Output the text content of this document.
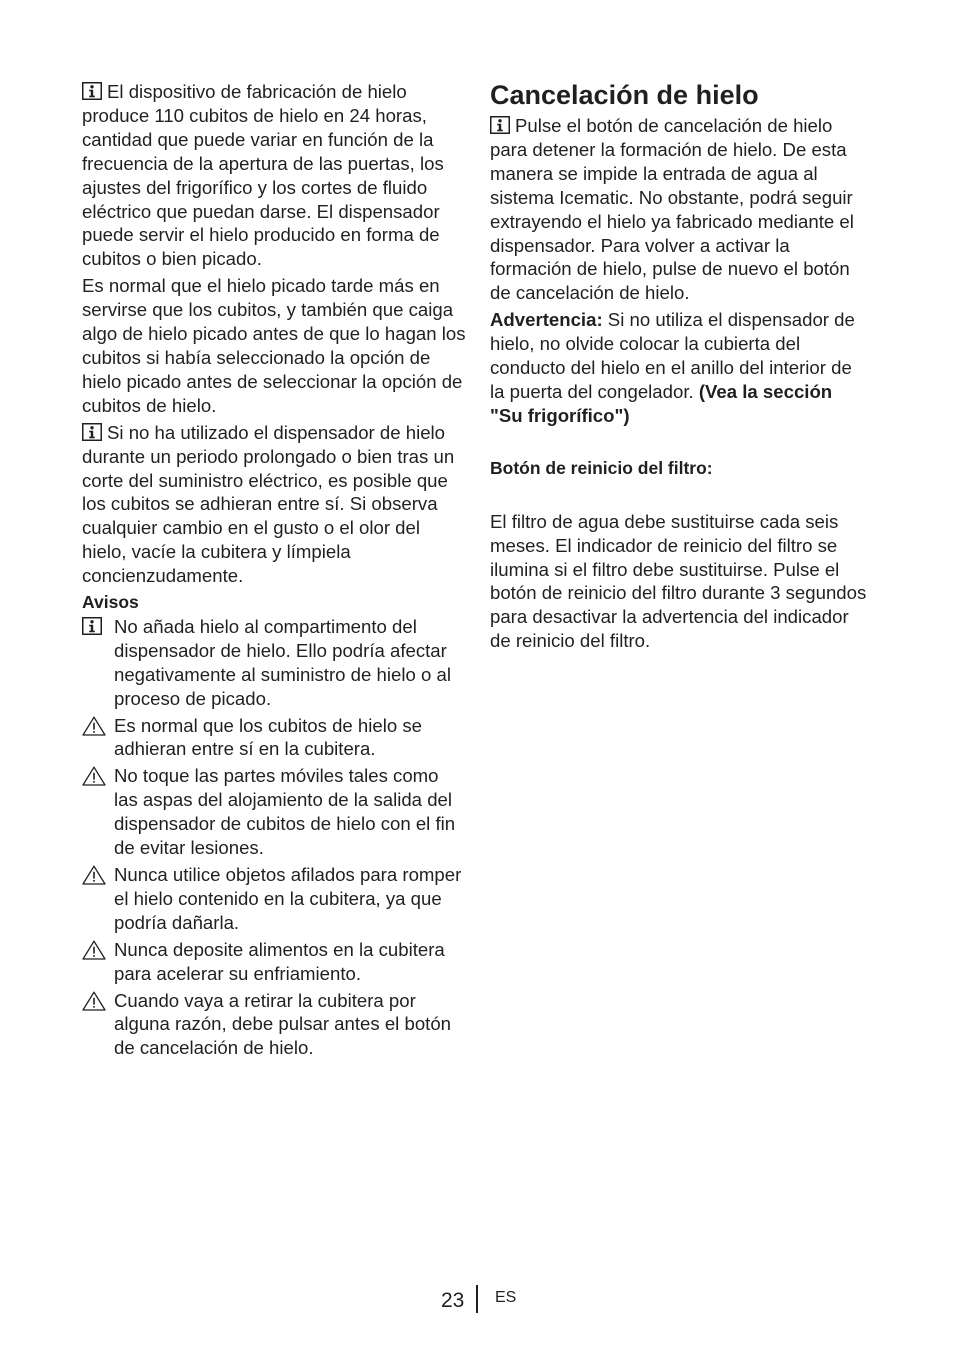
El dispositivo de fabricación de hielo produce 110 cubitos de hielo en 24 horas, cantidad que puede variar en función de la frecuencia de la apertura de las puertas, los ajustes del frigorífico y los cortes de fluido eléctrico que puedan darse. El dispensador puede servir el hielo producido en forma de cubitos o bien picado.

Es normal que el hielo picado tarde más en servirse que los cubitos, y también que caiga algo de hielo picado antes de que lo hagan los cubitos si había seleccionado la opción de hielo picado antes de seleccionar la opción de cubitos de hielo.

Si no ha utilizado el dispensador de hielo durante un periodo prolongado o bien tras un corte del suministro eléctrico, es posible que los cubitos se adhieran entre sí. Si observa cualquier cambio en el gusto o el olor del hielo, vacíe la cubitera y límpiela concienzudamente.

Avisos

No añada hielo al compartimento del dispensador de hielo. Ello podría afectar negativamente al suministro de hielo o al proceso de picado.

Es normal que los cubitos de hielo se adhieran entre sí en la cubitera.

No toque las partes móviles tales como las aspas del alojamiento de la salida del dispensador de cubitos de hielo con el fin de evitar lesiones.

Nunca utilice objetos afilados para romper el hielo contenido en la cubitera, ya que podría dañarla.

Nunca deposite alimentos en la cubitera para acelerar su enfriamiento.

Cuando vaya a retirar la cubitera por alguna razón, debe pulsar antes el botón de cancelación de hielo.

Cancelación de hielo

Pulse el botón de cancelación de hielo para detener la formación de hielo. De esta manera se impide la entrada de agua al sistema Icematic. No obstante, podrá seguir extrayendo el hielo ya fabricado mediante el dispensador. Para volver a activar la formación de hielo, pulse de nuevo el botón de cancelación de hielo.

Advertencia: Si no utiliza el dispensador de hielo, no olvide colocar la cubierta del conducto del hielo en el anillo del interior de la puerta del congelador. (Vea la sección "Su frigorífico")

Botón de reinicio del filtro:

El filtro de agua debe sustituirse cada seis meses. El indicador de reinicio del filtro se ilumina si el filtro debe sustituirse. Pulse el botón de reinicio del filtro durante 3 segundos para desactivar la advertencia del indicador de reinicio del filtro.

23 ES
